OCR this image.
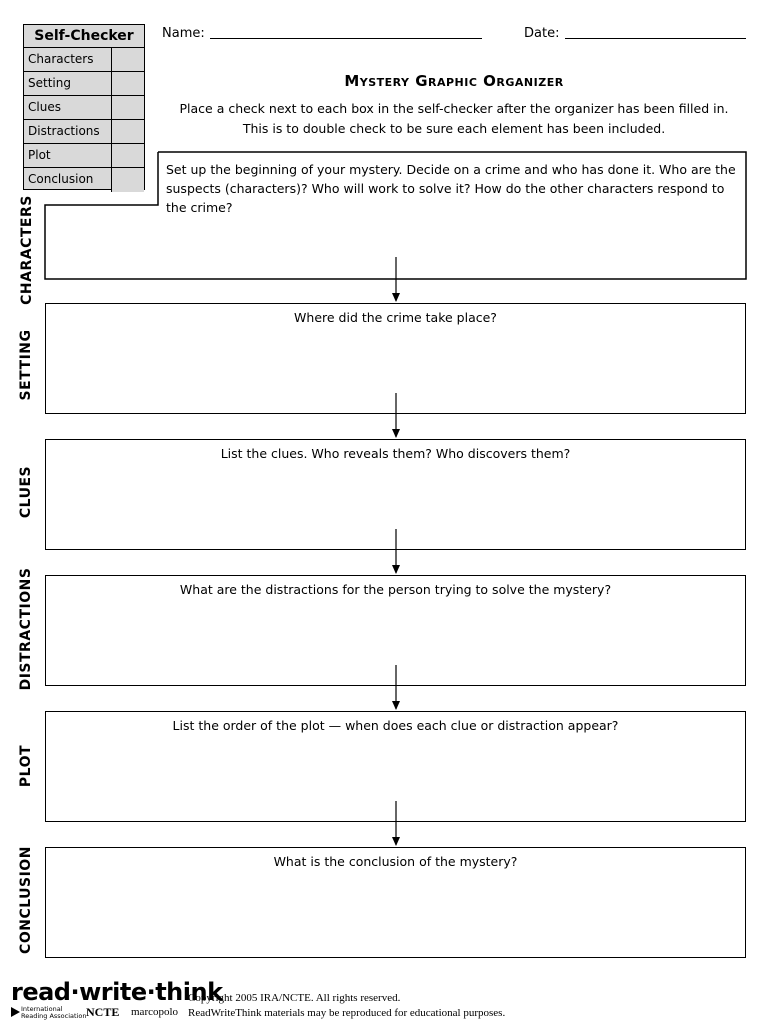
Self-Checker
Characters
Setting
Clues
Distractions
Plot
Conclusion
Name:	Date:
Mystery Graphic Organizer
Place a check next to each box in the self-checker after the organizer has been filled in.
This is to double check to be sure each element has been included.
Set up the beginning of your mystery. Decide on a crime and who has done it. Who are the suspects (characters)? Who will work to solve it? How do the other characters respond to the crime?
CHARACTERS
Where did the crime take place?
SETTING
List the clues. Who reveals them? Who discovers them?
CLUES
What are the distractions for the person trying to solve the mystery?
DISTRACTIONS
List the order of the plot — when does each clue or distraction appear?
PLOT
What is the conclusion of the mystery?
CONCLUSION
read·write·think
International
Reading Association NCTE marcopolo
Copyright 2005 IRA/NCTE. All rights reserved.
ReadWriteThink materials may be reproduced for educational purposes.
